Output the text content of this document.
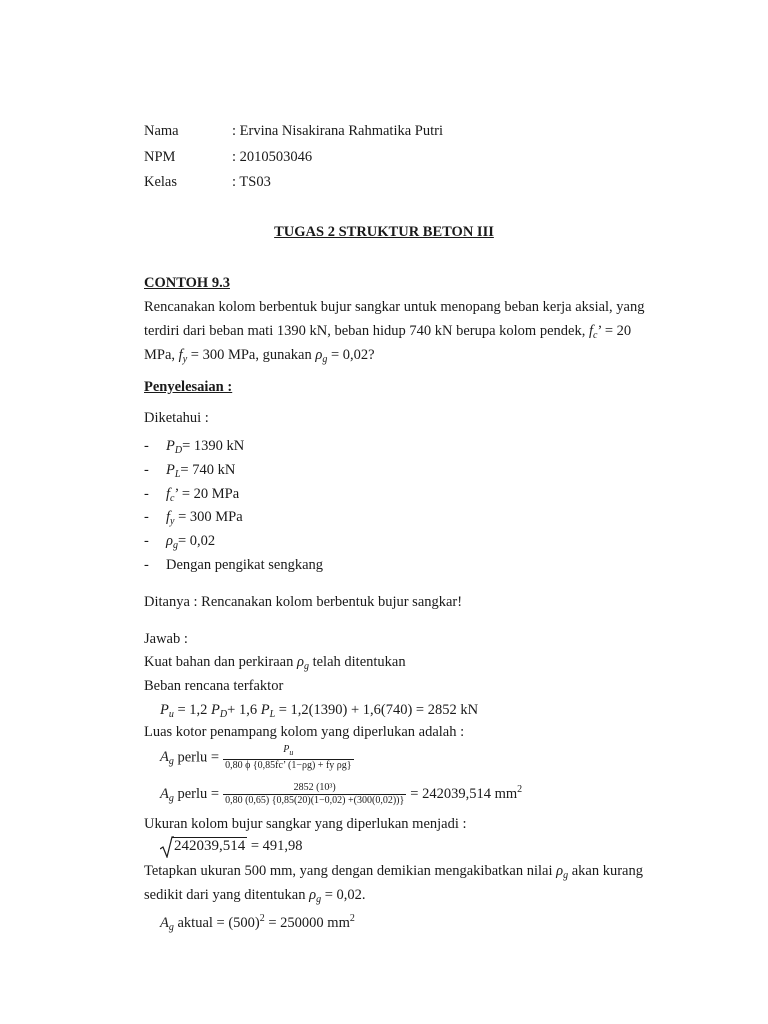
Nama	: Ervina Nisakirana Rahmatika Putri
NPM	: 2010503046
Kelas	: TS03
TUGAS 2 STRUKTUR BETON III
CONTOH 9.3
Rencanakan kolom berbentuk bujur sangkar untuk menopang beban kerja aksial, yang
terdiri dari beban mati 1390 kN, beban hidup 740 kN berupa kolom pendek, $f_c$’ = 20
MPa, $f_y = 300$ MPa, gunakan $\rho_g = 0,02$?
Penyelesaian :
Diketahui :
- $P_D= 1390$ kN
- $P_L= 740$ kN
- $f_c$’ = 20 MPa
- $f_y = 300$ MPa
- $\rho_g= 0,02$
- Dengan pengikat sengkang
Ditanya : Rencanakan kolom berbentuk bujur sangkar!
Jawab :
Kuat bahan dan perkiraan $\rho_g$ telah ditentukan
Beban rencana terfaktor
$P_u = 1,2$ $P_D+ 1,6$ $P_L = 1,2(1390) + 1,6(740) = 2852$ kN
Luas kotor penampang kolom yang diperlukan adalah :
$A_g$ perlu = $\frac{P_u}{\text{0,80 ϕ \{0,85fc’ (1−ρg) + fy ρg\}}}$
$A_g$ perlu = $\frac{\text{2852 (10³)}}{0,80 (0,65) \{0,85(20)(1-0,02) +(300(0,02))\}} = 242039,514$ $mm^2$
Ukuran kolom bujur sangkar yang diperlukan menjadi :
242039,514 = 491,98
Tetapkan ukuran 500 mm, yang dengan demikian mengakibatkan nilai $\rho_g$ akan kurang
sedikit dari yang ditentukan $\rho_g = 0,02$.
$A_g$ aktual = $(500)^2 = 250000$ $mm^2$
